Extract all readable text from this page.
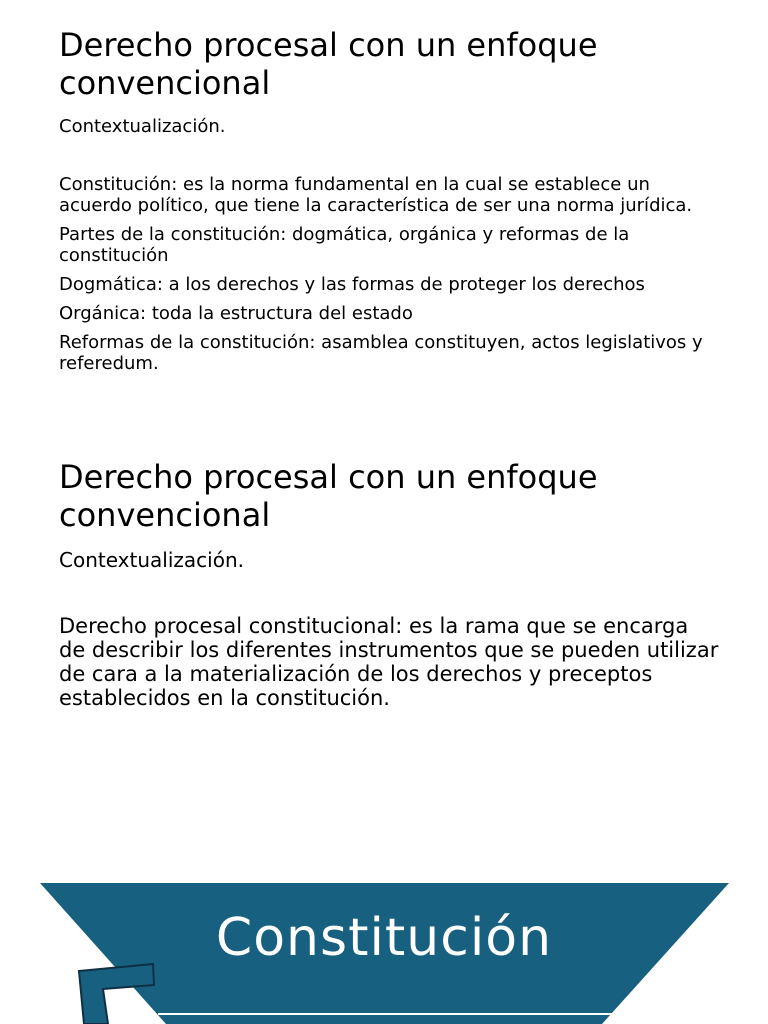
Derecho procesal con un enfoque convencional

Contextualización.

Constitución: es la norma fundamental en la cual se establece un acuerdo político, que tiene la característica de ser una norma jurídica.

Partes de la constitución: dogmática, orgánica y reformas de la constitución

Dogmática: a los derechos y las formas de proteger los derechos

Orgánica: toda la estructura del estado

Reformas de la constitución: asamblea constituyen, actos legislativos y referedum.

Derecho procesal con un enfoque convencional

Contextualización.

Derecho procesal constitucional: es la rama que se encarga de describir los diferentes instrumentos que se pueden utilizar de cara a la materialización de los derechos y preceptos establecidos en la constitución.

Constitución
